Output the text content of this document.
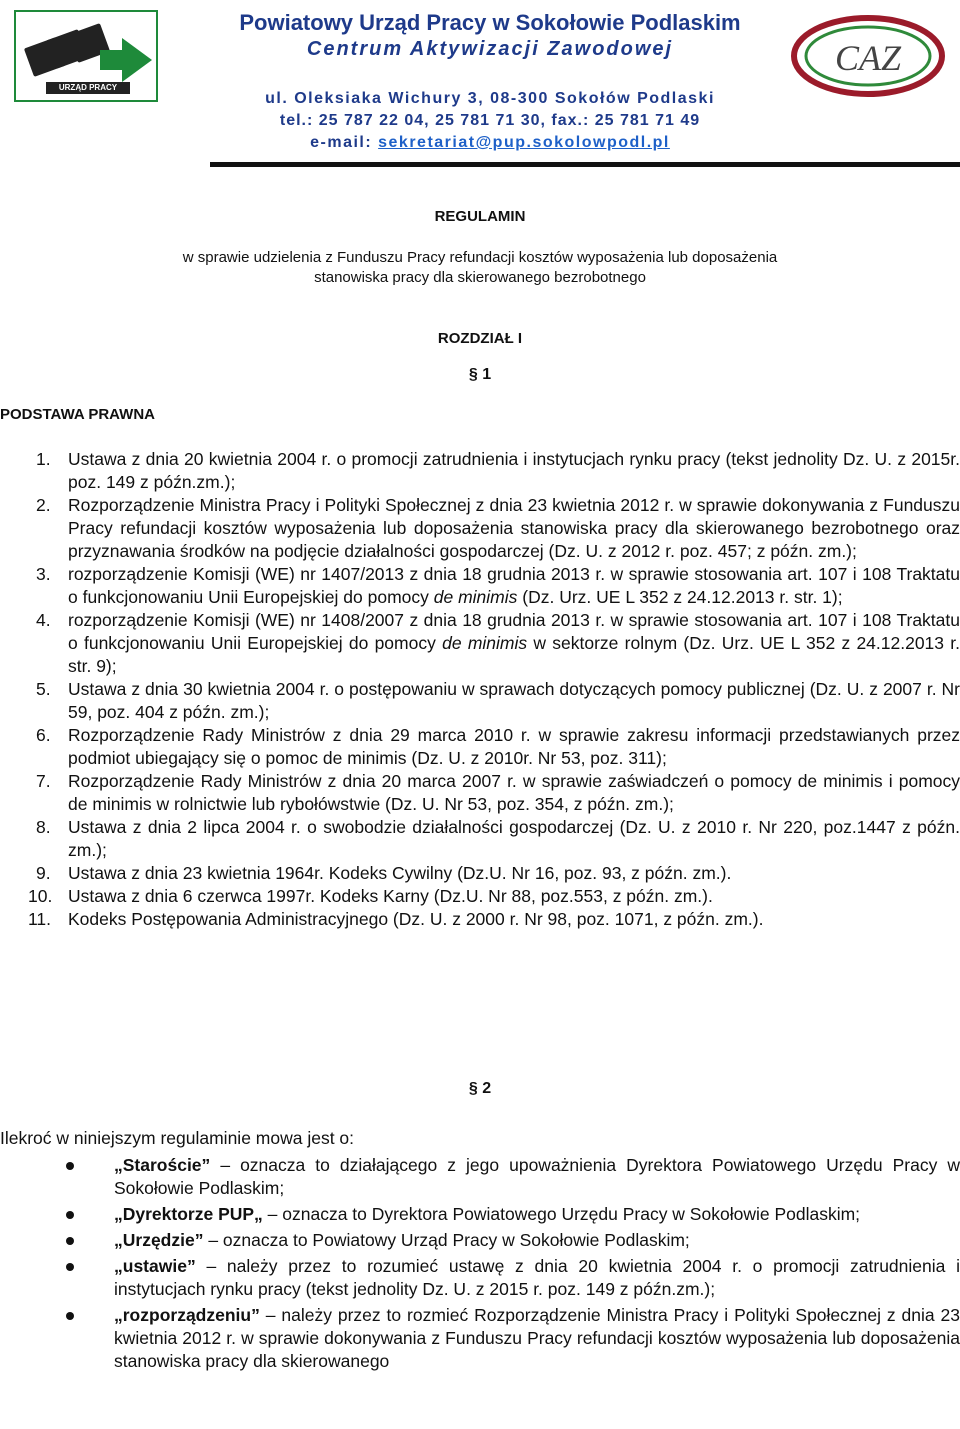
URZĄD PRACY
CAZ
Powiatowy Urząd Pracy w Sokołowie Podlaskim
Centrum Aktywizacji Zawodowej
ul. Oleksiaka Wichury 3, 08-300 Sokołów Podlaski
tel.: 25 787 22 04, 25 781 71 30, fax.: 25 781 71 49
e-mail: sekretariat@pup.sokolowpodl.pl
REGULAMIN
w sprawie udzielenia z Funduszu Pracy refundacji kosztów wyposażenia lub doposażenia
stanowiska pracy dla skierowanego bezrobotnego
ROZDZIAŁ I
§ 1
PODSTAWA PRAWNA
1. Ustawa z dnia 20 kwietnia 2004 r. o promocji zatrudnienia i instytucjach rynku pracy (tekst jednolity Dz. U. z 2015r. poz. 149 z późn.zm.);
2. Rozporządzenie Ministra Pracy i Polityki Społecznej z dnia 23 kwietnia 2012 r. w sprawie dokonywania z Funduszu Pracy refundacji kosztów wyposażenia lub doposażenia stanowiska pracy dla skierowanego bezrobotnego oraz przyznawania środków na podjęcie działalności gospodarczej (Dz. U. z 2012 r. poz. 457; z późn. zm.);
3. rozporządzenie Komisji (WE) nr 1407/2013 z dnia 18 grudnia 2013 r. w sprawie stosowania art. 107 i 108 Traktatu o funkcjonowaniu Unii Europejskiej do pomocy de minimis (Dz. Urz. UE L 352 z 24.12.2013 r. str. 1);
4. rozporządzenie Komisji (WE) nr 1408/2007 z dnia 18 grudnia 2013 r. w sprawie stosowania art. 107 i 108 Traktatu o funkcjonowaniu Unii Europejskiej do pomocy de minimis w sektorze rolnym (Dz. Urz. UE L 352 z 24.12.2013 r. str. 9);
5. Ustawa z dnia 30 kwietnia 2004 r. o postępowaniu w sprawach dotyczących pomocy publicznej (Dz. U. z 2007 r. Nr 59, poz. 404 z późn. zm.);
6. Rozporządzenie Rady Ministrów z dnia 29 marca 2010 r. w sprawie zakresu informacji przedstawianych przez podmiot ubiegający się o pomoc de minimis (Dz. U. z 2010r. Nr 53, poz. 311);
7. Rozporządzenie Rady Ministrów z dnia 20 marca 2007 r. w sprawie zaświadczeń o pomocy de minimis i pomocy de minimis w rolnictwie lub rybołówstwie (Dz. U. Nr 53, poz. 354, z późn. zm.);
8. Ustawa z dnia 2 lipca 2004 r. o swobodzie działalności gospodarczej (Dz. U. z 2010 r. Nr 220, poz.1447 z późn. zm.);
9. Ustawa z dnia 23 kwietnia 1964r. Kodeks Cywilny (Dz.U. Nr 16, poz. 93, z późn. zm.).
10. Ustawa z dnia 6 czerwca 1997r. Kodeks Karny (Dz.U. Nr 88, poz.553, z późn. zm.).
11. Kodeks Postępowania Administracyjnego (Dz. U. z 2000 r. Nr 98, poz. 1071, z późn. zm.).
§ 2
Ilekroć w niniejszym regulaminie mowa jest o:
„Staroście” – oznacza to działającego z jego upoważnienia Dyrektora Powiatowego Urzędu Pracy w Sokołowie Podlaskim;
„Dyrektorze PUP„ – oznacza to Dyrektora Powiatowego Urzędu Pracy w Sokołowie Podlaskim;
„Urzędzie” – oznacza to Powiatowy Urząd Pracy w Sokołowie Podlaskim;
„ustawie” – należy przez to rozumieć ustawę z dnia 20 kwietnia 2004 r. o promocji zatrudnienia i instytucjach rynku pracy (tekst jednolity Dz. U. z 2015 r. poz. 149 z późn.zm.);
„rozporządzeniu” – należy przez to rozmieć Rozporządzenie Ministra Pracy i Polityki Społecznej z dnia 23 kwietnia 2012 r. w sprawie dokonywania z Funduszu Pracy refundacji kosztów wyposażenia lub doposażenia stanowiska pracy dla skierowanego
